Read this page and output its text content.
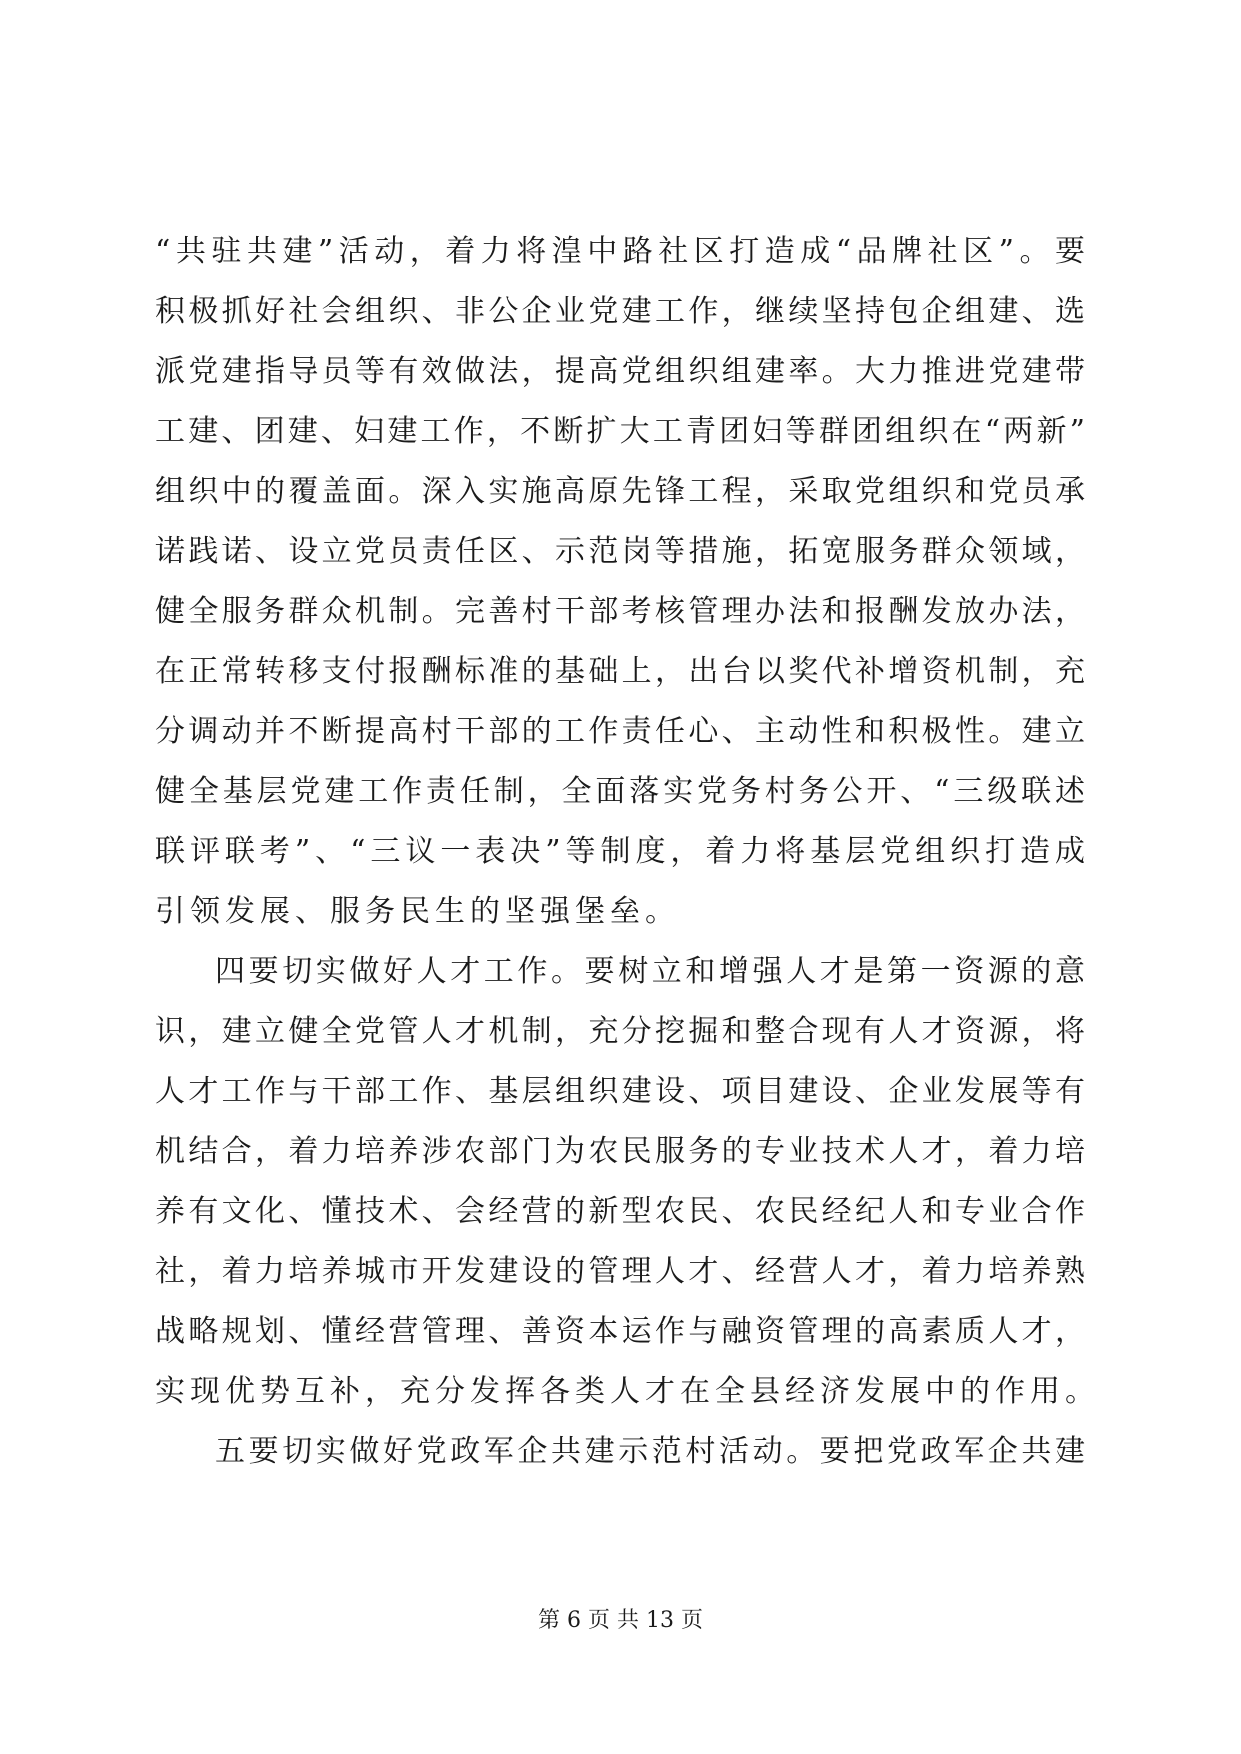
“共驻共建”活动，着力将湟中路社区打造成“品牌社区”。要
积极抓好社会组织、非公企业党建工作，继续坚持包企组建、选
派党建指导员等有效做法，提高党组织组建率。大力推进党建带
工建、团建、妇建工作，不断扩大工青团妇等群团组织在“两新”
组织中的覆盖面。深入实施高原先锋工程，采取党组织和党员承
诺践诺、设立党员责任区、示范岗等措施，拓宽服务群众领域，
健全服务群众机制。完善村干部考核管理办法和报酬发放办法，
在正常转移支付报酬标准的基础上，出台以奖代补增资机制，充
分调动并不断提高村干部的工作责任心、主动性和积极性。建立
健全基层党建工作责任制，全面落实党务村务公开、“三级联述
联评联考”、“三议一表决”等制度，着力将基层党组织打造成
引领发展、服务民生的坚强堡垒。
四要切实做好人才工作。要树立和增强人才是第一资源的意
识，建立健全党管人才机制，充分挖掘和整合现有人才资源，将
人才工作与干部工作、基层组织建设、项目建设、企业发展等有
机结合，着力培养涉农部门为农民服务的专业技术人才，着力培
养有文化、懂技术、会经营的新型农民、农民经纪人和专业合作
社，着力培养城市开发建设的管理人才、经营人才，着力培养熟
战略规划、懂经营管理、善资本运作与融资管理的高素质人才，
实现优势互补，充分发挥各类人才在全县经济发展中的作用。
五要切实做好党政军企共建示范村活动。要把党政军企共建
第 6 页 共 13 页
